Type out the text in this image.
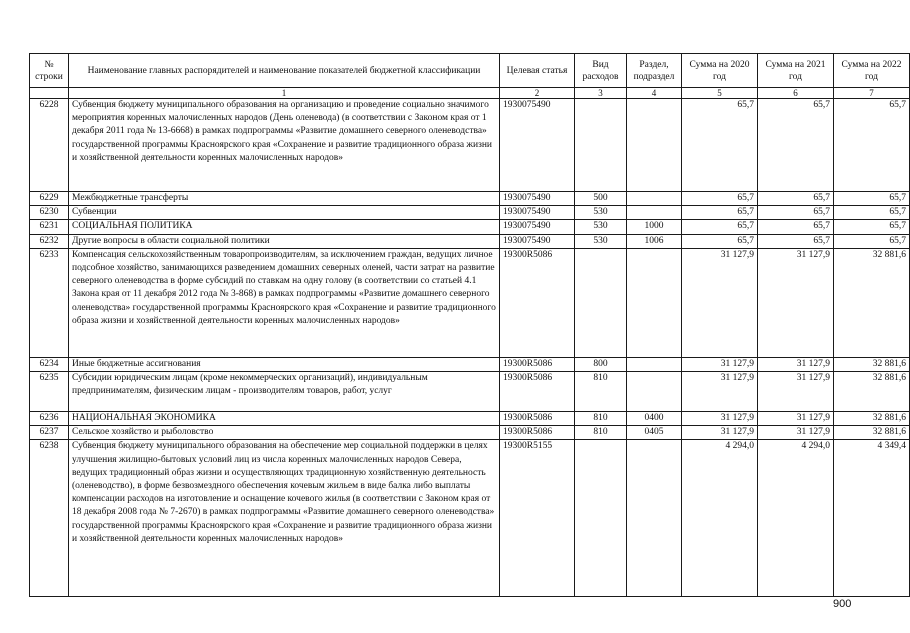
№ строки	Наименование главных распорядителей и наименование показателей бюджетной классификации	Целевая статья	Вид расходов	Раздел, подраздел	Сумма на 2020 год	Сумма на 2021 год	Сумма на 2022 год
	1	2	3	4	5	6	7
6228	Субвенция бюджету муниципального образования на организацию и проведение социально значимого мероприятия коренных малочисленных народов (День оленевода) (в соответствии с Законом края от 1 декабря 2011 года № 13-6668) в рамках подпрограммы «Развитие домашнего северного оленеводства» государственной программы Красноярского края «Сохранение и развитие традиционного образа жизни и хозяйственной деятельности коренных малочисленных народов»	1930075490			65,7	65,7	65,7
6229	Межбюджетные трансферты	1930075490	500		65,7	65,7	65,7
6230	Субвенции	1930075490	530		65,7	65,7	65,7
6231	СОЦИАЛЬНАЯ ПОЛИТИКА	1930075490	530	1000	65,7	65,7	65,7
6232	Другие вопросы в области социальной политики	1930075490	530	1006	65,7	65,7	65,7
6233	Компенсация сельскохозяйственным товаропроизводителям, за исключением граждан, ведущих личное подсобное хозяйство, занимающихся разведением домашних северных оленей, части затрат на развитие северного оленеводства в форме субсидий по ставкам на одну голову (в соответствии со статьей 4.1 Закона края от 11 декабря 2012 года № 3-868) в рамках подпрограммы «Развитие домашнего северного оленеводства» государственной программы Красноярского края «Сохранение и развитие традиционного образа жизни и хозяйственной деятельности коренных малочисленных народов»	19300R5086			31 127,9	31 127,9	32 881,6
6234	Иные бюджетные ассигнования	19300R5086	800		31 127,9	31 127,9	32 881,6
6235	Субсидии юридическим лицам (кроме некоммерческих организаций), индивидуальным предпринимателям, физическим лицам - производителям товаров, работ, услуг	19300R5086	810		31 127,9	31 127,9	32 881,6
6236	НАЦИОНАЛЬНАЯ ЭКОНОМИКА	19300R5086	810	0400	31 127,9	31 127,9	32 881,6
6237	Сельское хозяйство и рыболовство	19300R5086	810	0405	31 127,9	31 127,9	32 881,6
6238	Субвенция бюджету муниципального образования на обеспечение мер социальной поддержки в целях улучшения жилищно-бытовых условий лиц из числа коренных малочисленных народов Севера, ведущих традиционный образ жизни и осуществляющих традиционную хозяйственную деятельность (оленеводство), в форме безвозмездного обеспечения кочевым жильем в виде балка либо выплаты компенсации расходов на изготовление и оснащение кочевого жилья (в соответствии с Законом края от 18 декабря 2008 года № 7-2670) в рамках подпрограммы «Развитие домашнего северного оленеводства» государственной программы Красноярского края «Сохранение и развитие традиционного образа жизни и хозяйственной деятельности коренных малочисленных народов»	19300R5155			4 294,0	4 294,0	4 349,4
900
